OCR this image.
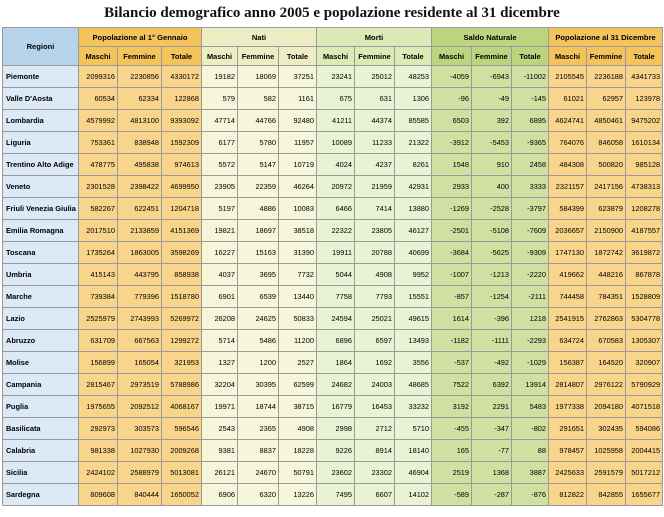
Bilancio demografico anno 2005 e popolazione residente al 31 dicembre
Regioni	Popolazione al 1° Gennaio			Nati			Morti			Saldo Naturale			Popolazione al 31 Dicembre		
	Maschi	Femmine	Totale	Maschi	Femmine	Totale	Maschi	Femmine	Totale	Maschi	Femmine	Totale	Maschi	Femmine	Totale
Piemonte	2099316	2230856	4330172	19182	18069	37251	23241	25012	48253	-4059	-6943	-11002	2105545	2236188	4341733
Valle D'Aosta	60534	62334	122868	579	582	1161	675	631	1306	-96	-49	-145	61021	62957	123978
Lombardia	4579992	4813100	9393092	47714	44766	92480	41211	44374	85585	6503	392	6895	4624741	4850461	9475202
Liguria	753361	838948	1592309	6177	5780	11957	10089	11233	21322	-3912	-5453	-9365	764076	846058	1610134
Trentino Alto Adige	478775	495838	974613	5572	5147	10719	4024	4237	8261	1548	910	2458	484308	500820	985128
Veneto	2301528	2398422	4699950	23905	22359	46264	20972	21959	42931	2933	400	3333	2321157	2417156	4738313
Friuli Venezia Giulia	582267	622451	1204718	5197	4886	10083	6466	7414	13880	-1269	-2528	-3797	584399	623879	1208278
Emilia Romagna	2017510	2133859	4151369	19821	18697	38518	22322	23805	46127	-2501	-5108	-7609	2036657	2150900	4187557
Toscana	1735264	1863005	3598269	16227	15163	31390	19911	20788	40699	-3684	-5625	-9309	1747130	1872742	3619872
Umbria	415143	443795	858938	4037	3695	7732	5044	4908	9952	-1007	-1213	-2220	419662	448216	867878
Marche	739384	779396	1518780	6901	6539	13440	7758	7793	15551	-857	-1254	-2111	744458	784351	1528809
Lazio	2525979	2743993	5269972	26208	24625	50833	24594	25021	49615	1614	-396	1218	2541915	2762863	5304778
Abruzzo	631709	667563	1299272	5714	5486	11200	6896	6597	13493	-1182	-1111	-2293	634724	670583	1305307
Molise	156899	165054	321953	1327	1200	2527	1864	1692	3556	-537	-492	-1029	156387	164520	320907
Campania	2815467	2973519	5788986	32204	30395	62599	24682	24003	48685	7522	6392	13914	2814807	2976122	5790929
Puglia	1975655	2092512	4068167	19971	18744	38715	16779	16453	33232	3192	2291	5483	1977338	2094180	4071518
Basilicata	292973	303573	596546	2543	2365	4908	2998	2712	5710	-455	-347	-802	291651	302435	594086
Calabria	981338	1027930	2009268	9381	8837	18228	9226	8914	18140	165	-77	88	978457	1025958	2004415
Sicilia	2424102	2588979	5013081	26121	24670	50791	23602	23302	46904	2519	1368	3887	2425633	2591579	5017212
Sardegna	809608	840444	1650052	6906	6320	13226	7495	6607	14102	-589	-287	-876	812822	842855	1655677
